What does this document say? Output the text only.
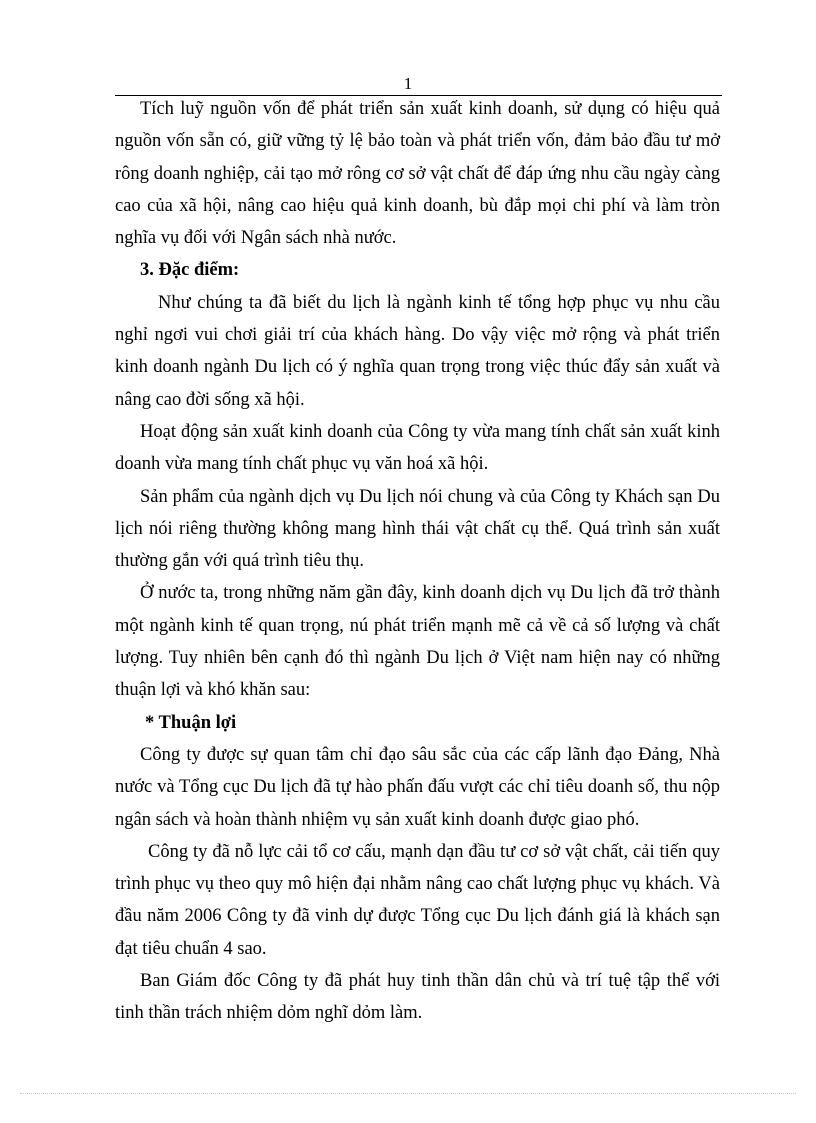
1

Tích luỹ nguồn vốn để phát triển sản xuất kinh doanh, sử dụng có hiệu quả nguồn vốn sẵn có, giữ vững tỷ lệ bảo toàn và phát triển vốn, đảm bảo đầu tư mở rông doanh nghiệp, cải tạo mở rông cơ sở vật chất để đáp ứng nhu cầu ngày càng cao của xã hội, nâng cao hiệu quả kinh doanh, bù đắp mọi chi phí và làm tròn nghĩa vụ đối với Ngân sách nhà nước.

3. Đặc điểm:

Như chúng ta đã biết du lịch là ngành kinh tế tổng hợp phục vụ nhu cầu nghỉ ngơi vui chơi giải trí của khách hàng. Do vậy việc mở rộng và phát triển kinh doanh ngành Du lịch có ý nghĩa quan trọng trong việc thúc đẩy sản xuất và nâng cao đời sống xã hội.

Hoạt động sản xuất kinh doanh của Công ty vừa mang tính chất sản xuất kinh doanh vừa mang tính chất phục vụ văn hoá xã hội.

Sản phẩm của ngành dịch vụ Du lịch nói chung và của Công ty Khách sạn Du lịch nói riêng thường không mang hình thái vật chất cụ thể. Quá trình sản xuất thường gắn với quá trình tiêu thụ.

Ở nước ta, trong những năm gần đây, kinh doanh dịch vụ Du lịch đã trở thành một ngành kinh tế quan trọng, nú phát triển mạnh mẽ cả về cả số lượng và chất lượng. Tuy nhiên bên cạnh đó thì ngành Du lịch ở Việt nam hiện nay có những thuận lợi và khó khăn sau:

* Thuận lợi

Công ty được sự quan tâm chỉ đạo sâu sắc của các cấp lãnh đạo Đảng, Nhà nước và Tổng cục Du lịch đã tự hào phấn đấu vượt các chỉ tiêu doanh số, thu nộp ngân sách và hoàn thành nhiệm vụ sản xuất kinh doanh được giao phó.

Công ty đã nỗ lực cải tổ cơ cấu, mạnh dạn đầu tư cơ sở vật chất, cải tiến quy trình phục vụ theo quy mô hiện đại nhằm nâng cao chất lượng phục vụ khách. Và đầu năm 2006 Công ty đã vinh dự được Tổng cục Du lịch đánh giá là khách sạn đạt tiêu chuẩn 4 sao.

Ban Giám đốc Công ty đã phát huy tinh thần dân chủ và trí tuệ tập thể với tinh thần trách nhiệm dỏm nghĩ dỏm làm.
